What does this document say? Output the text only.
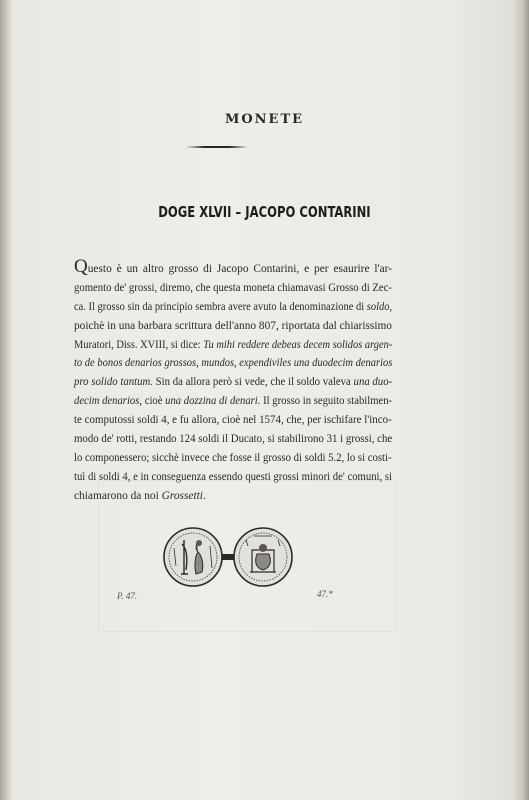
MONETE
DOGE XLVII – JACOPO CONTARINI
Questo è un altro grosso di Jacopo Contarini, e per esaurire l'ar-
gomento de' grossi, diremo, che questa moneta chiamavasi Grosso di Zec-
ca. Il grosso sin da principio sembra avere avuto la denominazione di soldo,
poichè in una barbara scrittura dell'anno 807, riportata dal chiarissimo
Muratori, Diss. XVIII, si dice: Tu mihi reddere debeas decem solidos argen-
to de bonos denarios grossos, mundos, expendiviles una duodecim denarios
pro solido tantum. Sin da allora però si vede, che il soldo valeva una duo-
decim denarios, cioè una dozzina di denari. Il grosso in seguito stabilmen-
te computossi soldi 4, e fu allora, cioè nel 1574, che, per ischifare l'inco-
modo de' rotti, restando 124 soldi il Ducato, si stabilirono 31 i grossi, che
lo componessero; sicchè invece che fosse il grosso di soldi 5.2, lo si costi-
tuì di soldi 4, e in conseguenza essendo questi grossi minori de' comuni, si
chiamarono da noi Grossetti.
P. 47.	47.*
